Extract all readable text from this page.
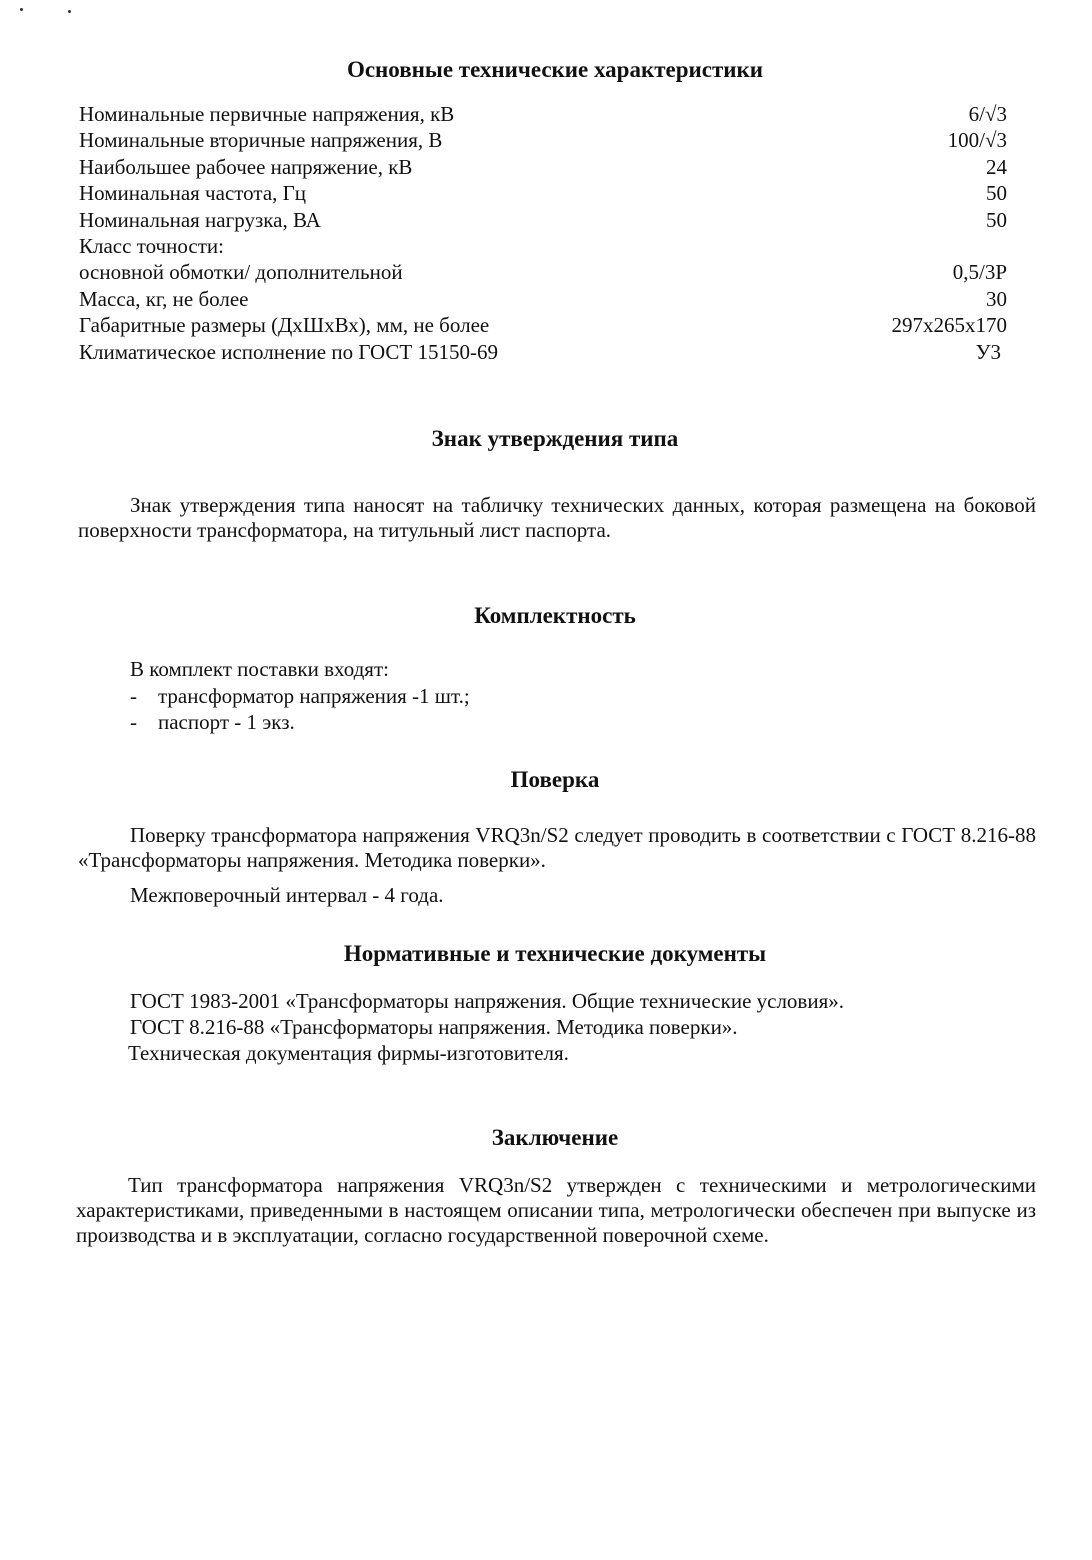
Основные технические характеристики
Номинальные первичные напряжения, кВ	6/√3
Номинальные вторичные напряжения, В	100/√3
Наибольшее рабочее напряжение, кВ	24
Номинальная частота, Гц	50
Номинальная нагрузка, ВА	50
Класс точности:
основной обмотки/ дополнительной	0,5/3Р
Масса, кг, не более	30
Габаритные размеры (ДхШхВх), мм, не более	297x265x170
Климатическое исполнение по ГОСТ 15150-69	У3
Знак утверждения типа
Знак утверждения типа наносят на табличку технических данных, которая размещена на боковой поверхности трансформатора, на титульный лист паспорта.
Комплектность
В комплект поставки входят:
- трансформатор напряжения -1 шт.;
- паспорт - 1 экз.
Поверка
Поверку трансформатора напряжения VRQ3n/S2 следует проводить в соответствии с ГОСТ 8.216-88 «Трансформаторы напряжения. Методика поверки».
Межповерочный интервал - 4 года.
Нормативные и технические документы
ГОСТ 1983-2001 «Трансформаторы напряжения. Общие технические условия».
ГОСТ 8.216-88 «Трансформаторы напряжения. Методика поверки».
Техническая документация фирмы-изготовителя.
Заключение
Тип трансформатора напряжения VRQ3n/S2 утвержден с техническими и метрологическими характеристиками, приведенными в настоящем описании типа, метрологически обеспечен при выпуске из производства и в эксплуатации, согласно государственной поверочной схеме.
